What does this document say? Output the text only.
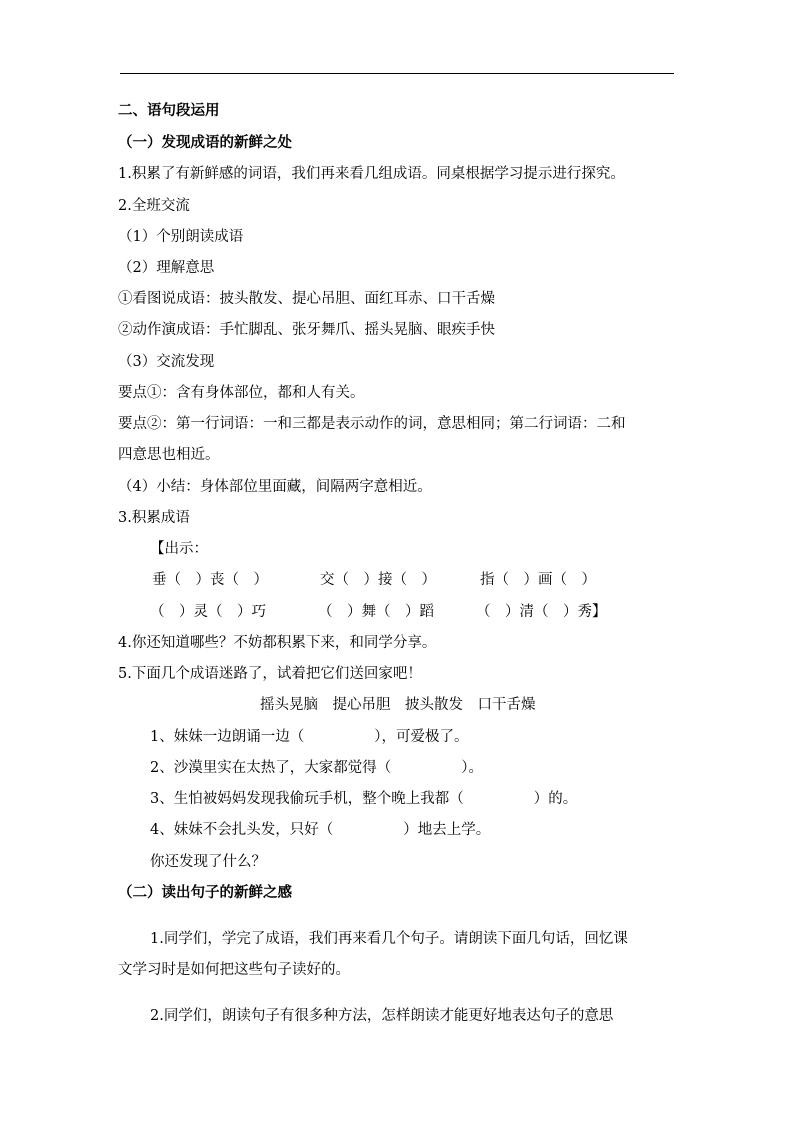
二、语句段运用
（一）发现成语的新鲜之处
1.积累了有新鲜感的词语，我们再来看几组成语。同桌根据学习提示进行探究。
2.全班交流
（1）个别朗读成语
（2）理解意思
①看图说成语：披头散发、提心吊胆、面红耳赤、口干舌燥
②动作演成语：手忙脚乱、张牙舞爪、摇头晃脑、眼疾手快
（3）交流发现
要点①：含有身体部位，都和人有关。
要点②：第一行词语：一和三都是表示动作的词，意思相同；第二行词语：二和
四意思也相近。
（4）小结：身体部位里面藏，间隔两字意相近。
3.积累成语
【出示：
垂（　）丧（　）	交（　）接（　）	指（　）画（　）
（　）灵（　）巧	（　）舞（　）蹈	（　）清（　）秀】
4.你还知道哪些？不妨都积累下来，和同学分享。
5.下面几个成语迷路了，试着把它们送回家吧！
摇头晃脑　提心吊胆　披头散发　口干舌燥
1、妹妹一边朗诵一边（	），可爱极了。
2、沙漠里实在太热了，大家都觉得（	）。
3、生怕被妈妈发现我偷玩手机，整个晚上我都（	）的。
4、妹妹不会扎头发，只好（	）地去上学。
你还发现了什么？
（二）读出句子的新鲜之感
1.同学们，学完了成语，我们再来看几个句子。请朗读下面几句话，回忆课
文学习时是如何把这些句子读好的。
2.同学们，朗读句子有很多种方法，怎样朗读才能更好地表达句子的意思
